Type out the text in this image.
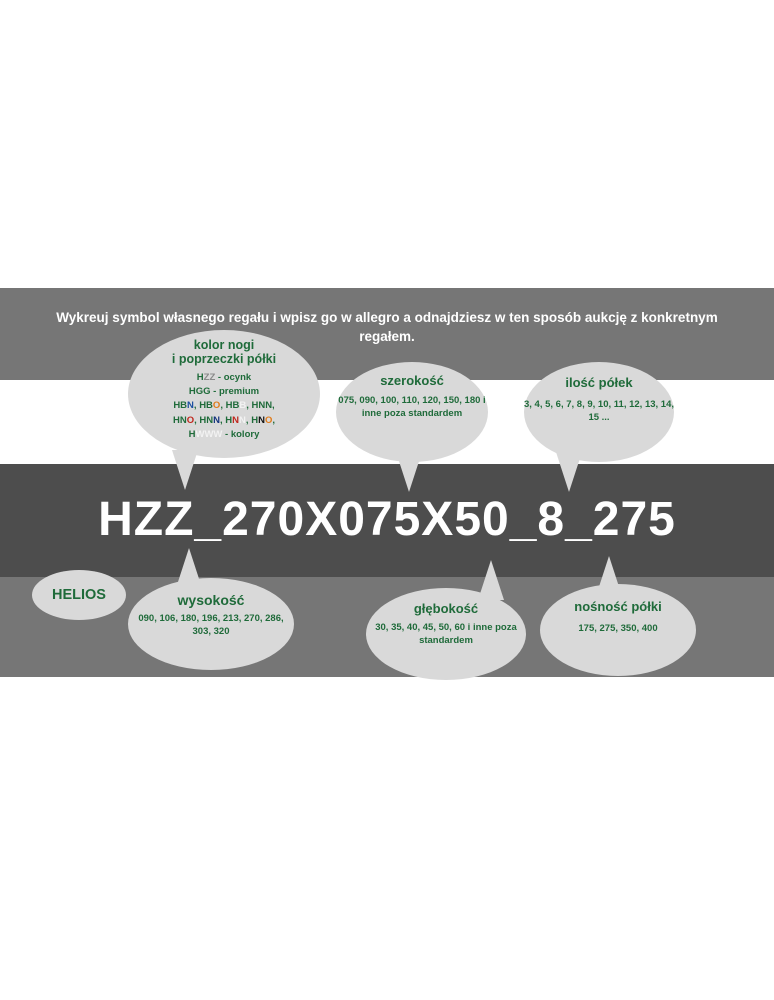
Wykreuj symbol własnego regału i wpisz go w allegro a odnajdziesz w ten sposób aukcję z konkretnym regałem.
HZZ_270X075X50_8_275
kolor nogi
i poprzeczki półki
HZZ - ocynk
HGG - premium
HBN, HBO, HBB, HNN,
HNO, HNN, HNN, HNO,
HWWW - kolory
szerokość
075, 090, 100, 110, 120, 150, 180 i inne poza standardem
ilość półek
3, 4, 5, 6, 7, 8, 9, 10, 11, 12, 13, 14, 15 ...
HELIOS	wysokość
090, 106, 180, 196, 213, 270, 286, 303, 320
głębokość
30, 35, 40, 45, 50, 60 i inne poza standardem
nośność półki
175, 275, 350, 400
